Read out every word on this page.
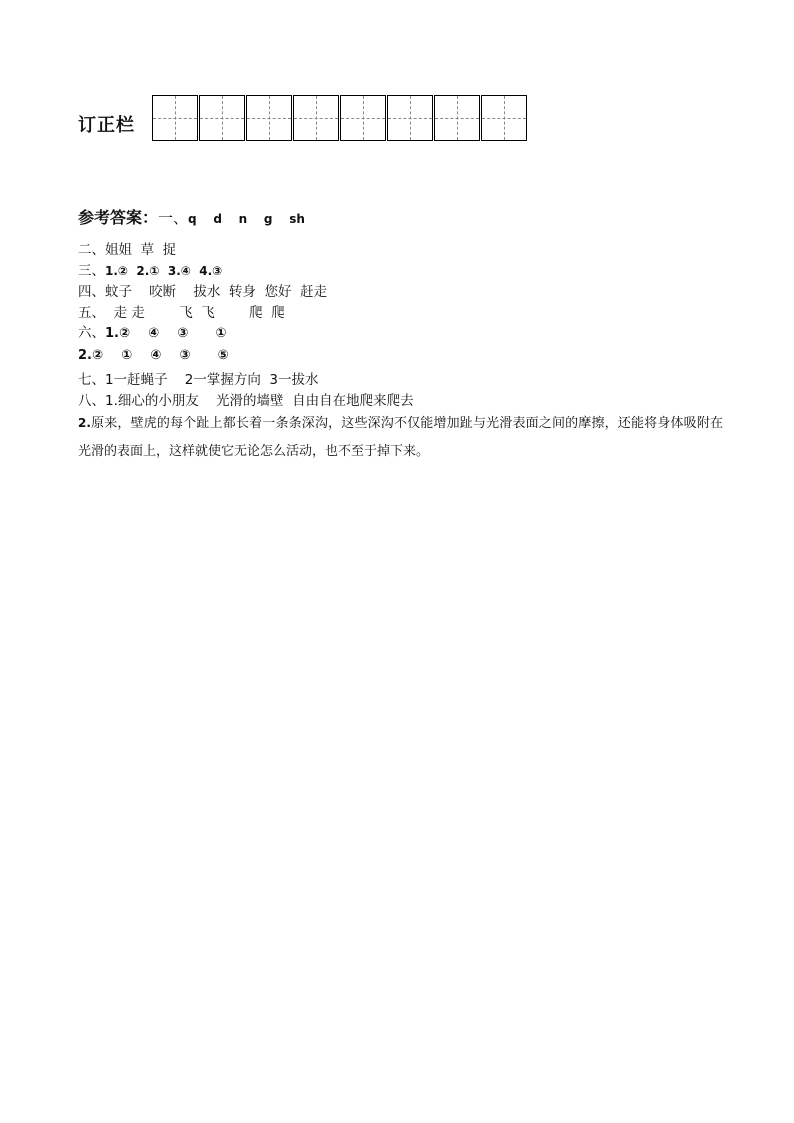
订正栏
参考答案：一、q    d    n    g    sh
二、姐姐  草  捉
三、1.②  2.①  3.④  4.③
四、蚊子    咬断    拔水  转身  您好  赶走
五、  走 走        飞  飞        爬  爬
六、1.②    ④    ③      ①
2.②    ①    ④    ③      ⑤
七、1一赶蝇子    2一掌握方向  3一拔水
八、1.细心的小朋友    光滑的墙壁  自由自在地爬来爬去
2.原来，壁虎的每个趾上都长着一条条深沟，这些深沟不仅能增加趾与光滑表面之间的摩擦，还能将身体吸附在光滑的表面上，这样就使它无论怎么活动，也不至于掉下来。
